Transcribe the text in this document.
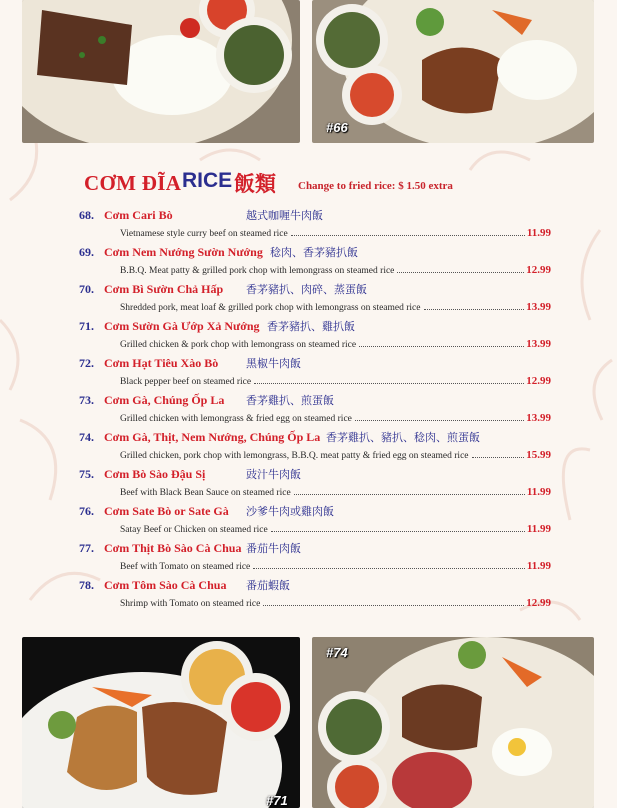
#66
CƠM ĐĨA RICE 飯類 Change to fried rice: $ 1.50 extra
68. Cơm Cari Bò	越式咖喱牛肉飯
Vietnamese style curry beef on steamed rice	11.99
69. Cơm Nem Nướng Sườn Nướng 稔肉、香茅豬扒飯
B.B.Q. Meat patty & grilled pork chop with lemongrass on steamed rice	12.99
70. Cơm Bì Sườn Chả Hấp 香茅豬扒、肉碎、蒸蛋飯
Shredded pork, meat loaf & grilled pork chop with lemongrass on steamed rice	13.99
71. Cơm Sườn Gà Ướp Xả Nướng 香茅豬扒、雞扒飯
Grilled chicken & pork chop with lemongrass on steamed rice	13.99
72. Cơm Hạt Tiêu Xào Bò	黑椒牛肉飯
Black pepper beef on steamed rice	12.99
73. Cơm Gà, Chúng Ốp La 香茅雞扒、煎蛋飯
Grilled chicken with lemongrass & fried egg on steamed rice	13.99
74. Cơm Gà, Thịt, Nem Nướng, Chúng Ốp La 香茅雞扒、豬扒、稔肉、煎蛋飯
Grilled chicken, pork chop with lemongrass, B.B.Q. meat patty & fried egg on steamed rice	15.99
75. Cơm Bò Sào Đậu Sị	豉汁牛肉飯
Beef with Black Bean Sauce on steamed rice	11.99
76. Cơm Sate Bò or Sate Gà 沙爹牛肉或雞肉飯
Satay Beef or Chicken on steamed rice	11.99
77. Cơm Thịt Bò Sào Cà Chua 番茄牛肉飯
Beef with Tomato on steamed rice	11.99
78. Cơm Tôm Sào Cà Chua 番茄蝦飯
Shrimp with Tomato on steamed rice	12.99
#71
#74
